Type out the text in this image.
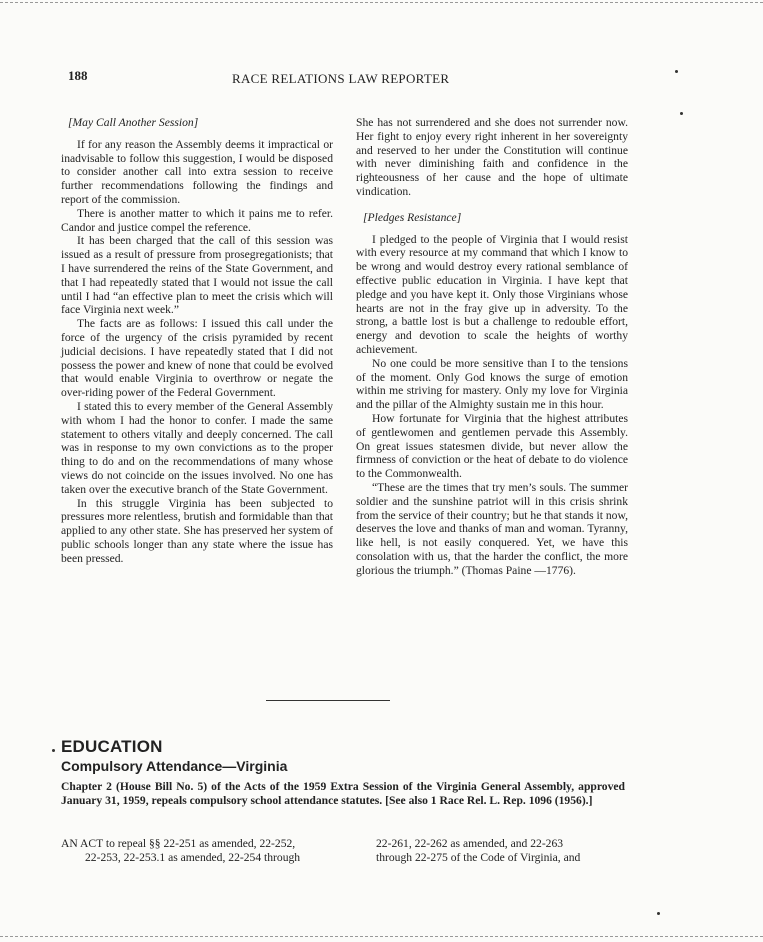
188	RACE RELATIONS LAW REPORTER

[May Call Another Session]

If for any reason the Assembly deems it impractical or inadvisable to follow this suggestion, I would be disposed to consider another call into extra session to receive further recommendations following the findings and report of the commission.

There is another matter to which it pains me to refer. Candor and justice compel the reference.

It has been charged that the call of this session was issued as a result of pressure from prosegregationists; that I have surrendered the reins of the State Government, and that I had repeatedly stated that I would not issue the call until I had “an effective plan to meet the crisis which will face Virginia next week.”

The facts are as follows: I issued this call under the force of the urgency of the crisis pyramided by recent judicial decisions. I have repeatedly stated that I did not possess the power and knew of none that could be evolved that would enable Virginia to overthrow or negate the over-riding power of the Federal Government.

I stated this to every member of the General Assembly with whom I had the honor to confer. I made the same statement to others vitally and deeply concerned. The call was in response to my own convictions as to the proper thing to do and on the recommendations of many whose views do not coincide on the issues involved. No one has taken over the executive branch of the State Government.

In this struggle Virginia has been subjected to pressures more relentless, brutish and formidable than that applied to any other state. She has preserved her system of public schools longer than any state where the issue has been pressed.

She has not surrendered and she does not surrender now. Her fight to enjoy every right inherent in her sovereignty and reserved to her under the Constitution will continue with never diminishing faith and confidence in the righteousness of her cause and the hope of ultimate vindication.

[Pledges Resistance]

I pledged to the people of Virginia that I would resist with every resource at my command that which I know to be wrong and would destroy every rational semblance of effective public education in Virginia. I have kept that pledge and you have kept it. Only those Virginians whose hearts are not in the fray give up in adversity. To the strong, a battle lost is but a challenge to redouble effort, energy and devotion to scale the heights of worthy achievement.

No one could be more sensitive than I to the tensions of the moment. Only God knows the surge of emotion within me striving for mastery. Only my love for Virginia and the pillar of the Almighty sustain me in this hour.

How fortunate for Virginia that the highest attributes of gentlewomen and gentlemen pervade this Assembly. On great issues statesmen divide, but never allow the firmness of conviction or the heat of debate to do violence to the Commonwealth.

“These are the times that try men’s souls. The summer soldier and the sunshine patriot will in this crisis shrink from the service of their country; but he that stands it now, deserves the love and thanks of man and woman. Tyranny, like hell, is not easily conquered. Yet, we have this consolation with us, that the harder the conflict, the more glorious the triumph.” (Thomas Paine —1776).

EDUCATION
Compulsory Attendance—Virginia
Chapter 2 (House Bill No. 5) of the Acts of the 1959 Extra Session of the Virginia General Assembly, approved January 31, 1959, repeals compulsory school attendance statutes. [See also 1 Race Rel. L. Rep. 1096 (1956).]
AN ACT to repeal §§ 22-251 as amended, 22-252,
22-253, 22-253.1 as amended, 22-254 through
22-261, 22-262 as amended, and 22-263
through 22-275 of the Code of Virginia, and
